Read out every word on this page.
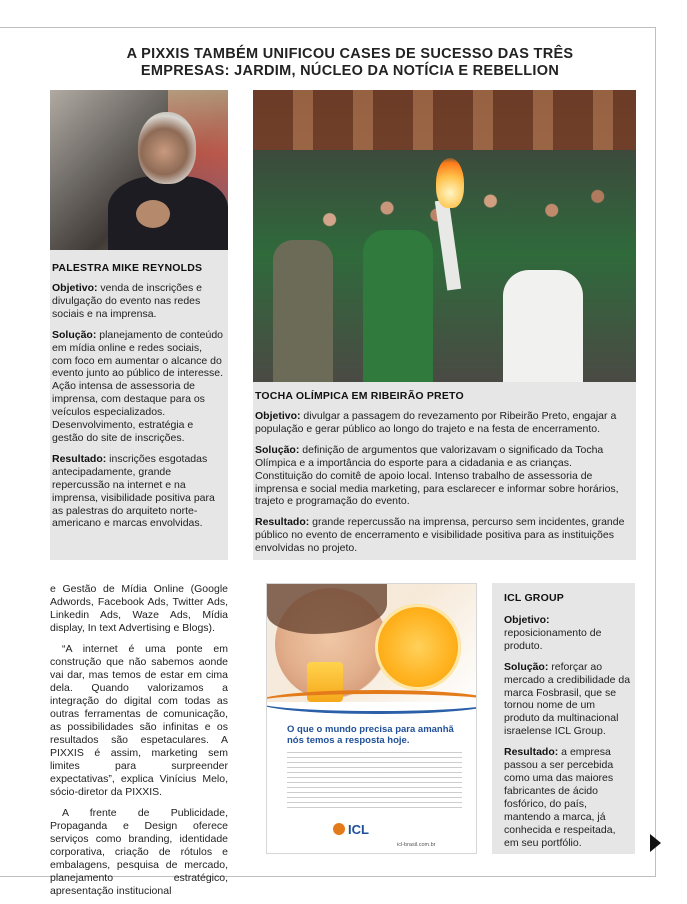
A PIXXIS TAMBÉM UNIFICOU CASES DE SUCESSO DAS TRÊS
EMPRESAS: JARDIM, NÚCLEO DA NOTÍCIA E REBELLION
PALESTRA MIKE REYNOLDS

Objetivo: venda de inscrições e divulgação do evento nas redes sociais e na imprensa.

Solução: planejamento de conteúdo em mídia online e redes sociais, com foco em aumentar o alcance do evento junto ao público de interesse. Ação intensa de assessoria de imprensa, com destaque para os veículos especializados. Desenvolvimento, estratégia e gestão do site de inscrições.

Resultado: inscrições esgotadas antecipadamente, grande repercussão na internet e na imprensa, visibilidade positiva para as palestras do arquiteto norte-americano e marcas envolvidas.

TOCHA OLÍMPICA EM RIBEIRÃO PRETO

Objetivo: divulgar a passagem do revezamento por Ribeirão Preto, engajar a população e gerar público ao longo do trajeto e na festa de encerramento.

Solução: definição de argumentos que valorizavam o significado da Tocha Olímpica e a importância do esporte para a cidadania e as crianças. Constituição do comitê de apoio local. Intenso trabalho de assessoria de imprensa e social media marketing, para esclarecer e informar sobre horários, trajeto e programação do evento.

Resultado: grande repercussão na imprensa, percurso sem incidentes, grande público no evento de encerramento e visibilidade positiva para as instituições envolvidas no projeto.

e Gestão de Mídia Online (Google Adwords, Facebook Ads, Twitter Ads, Linkedin Ads, Waze Ads, Mídia display, In text Advertising e Blogs).

“A internet é uma ponte em construção que não sabemos aonde vai dar, mas temos de estar em cima dela. Quando valorizamos a integração do digital com todas as outras ferramentas de comunicação, as possibilidades são infinitas e os resultados são espetaculares. A PIXXIS é assim, marketing sem limites para surpreender expectativas”, explica Vinícius Melo, sócio-diretor da PIXXIS.

A frente de Publicidade, Propaganda e Design oferece serviços como branding, identidade corporativa, criação de rótulos e embalagens, pesquisa de mercado, planejamento estratégico, apresentação institucional

O que o mundo precisa para amanhã nós temos a resposta hoje.
ICL
icl-brasil.com.br
ICL GROUP

Objetivo:
reposicionamento de produto.

Solução: reforçar ao mercado a credibilidade da marca Fosbrasil, que se tornou nome de um produto da multinacional israelense ICL Group.

Resultado: a empresa passou a ser percebida como uma das maiores fabricantes de ácido fosfórico, do país, mantendo a marca, já conhecida e respeitada, em seu portfólio.
